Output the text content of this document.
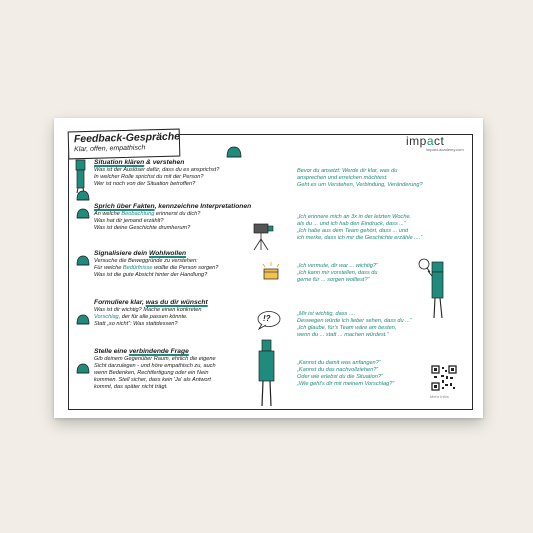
Feedback-Gespräche
Klar, offen, empathisch
impact
impact-academy.com
Situation klären & verstehen
Was ist der Auslöser dafür, dass du es ansprichst?
In welcher Rolle sprichst du mit der Person?
Wer ist noch von der Situation betroffen?
Bevor du ansetzt: Werde dir klar, was du
ansprechen und erreichen möchtest.
Geht es um Verstehen, Verbindung, Veränderung?
Sprich über Fakten, kennzeichne Interpretationen
An welche Beobachtung erinnerst du dich?
Was hat dir jemand erzählt?
Was ist deine Geschichte drumherum?
„Ich erinnere mich an 3x in der letzten Woche,
als du ... und ich hab den Eindruck, dass ...“
„Ich habe aus dem Team gehört, dass ... und
ich merke, dass ich mir die Geschichte erzähle ....“
Signalisiere dein Wohlwollen
Versuche die Beweggründe zu verstehen:
Für welche Bedürfnisse wollte die Person sorgen?
Was ist die gute Absicht hinter der Handlung?
„Ich vermute, dir war ... wichtig?“
„Ich kann mir vorstellen, dass du
gerne für ... sorgen wolltest?“
Formuliere klar, was du dir wünscht
Was ist dir wichtig? Mache einen konkreten
Vorschlag, der für alle passen könnte.
Statt „so nicht“: Was stattdessen?
!?	„Mir ist wichtig, dass ....
Deswegen würde ich lieber sehen, dass du ...“
„Ich glaube, für's Team wäre am besten,
wenn du ... statt ... machen würdest.“
Stelle eine verbindende Frage
Gib deinem Gegenüber Raum, ehrlich die eigene
Sicht darzulegen - und höre empathisch zu, auch
wenn Bedenken, Rechtfertigung oder ein Nein
kommen. Stell sicher, dass kein 'Ja' als Antwort
kommt, das später nicht trägt.
„Kannst du damit was anfangen?“
„Kannst du das nachvollziehen?“
Oder wie erlebst du die Situation?“
„Wie geht's dir mit meinem Vorschlag?“
Mehr Infos
